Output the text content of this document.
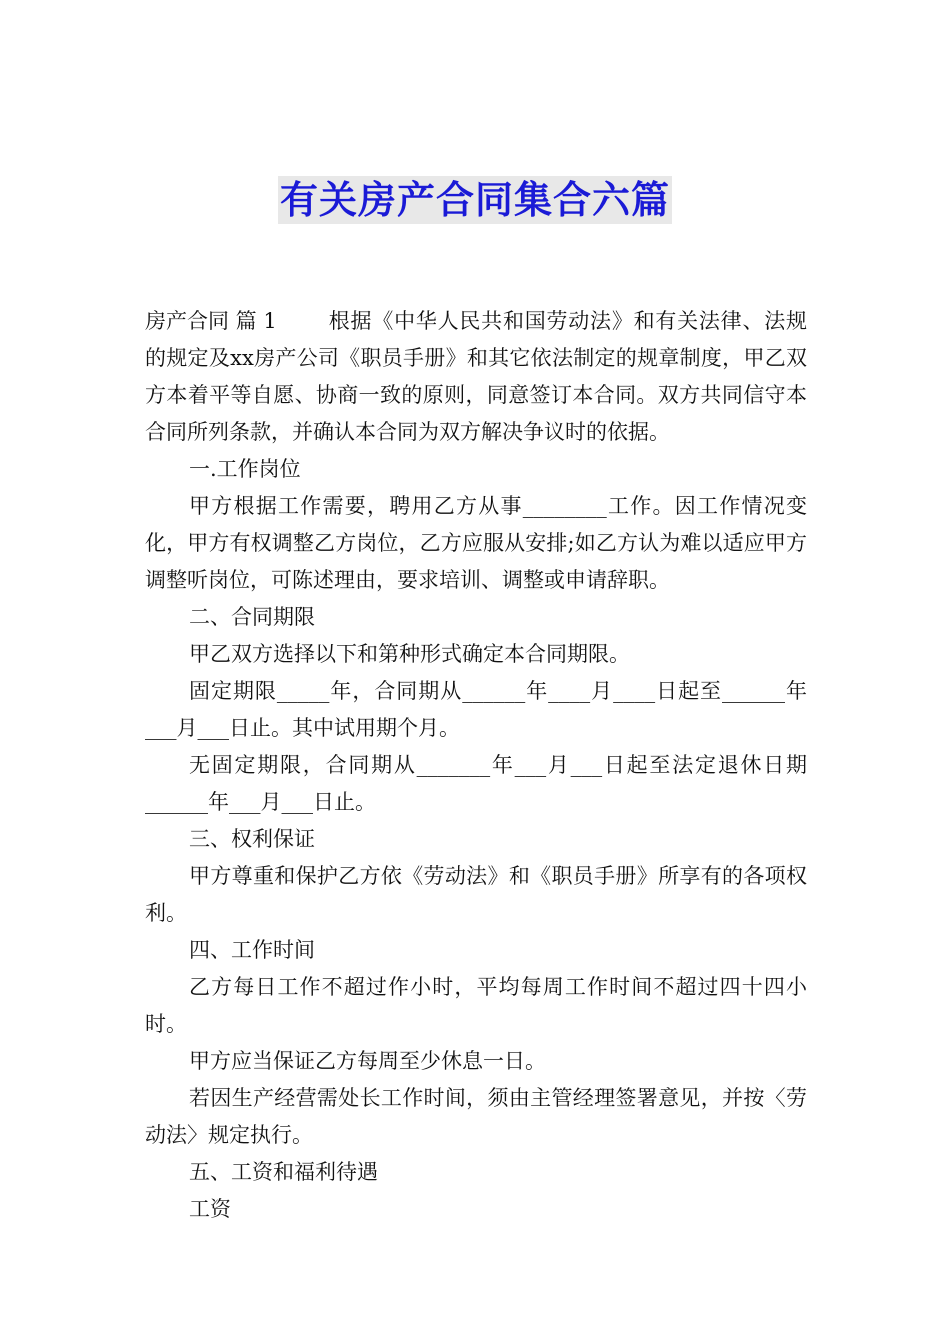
有关房产合同集合六篇

房产合同 篇 1 根据《中华人民共和国劳动法》和有关法律、法规的规定及xx房产公司《职员手册》和其它依法制定的规章制度，甲乙双方本着平等自愿、协商一致的原则，同意签订本合同。双方共同信守本合同所列条款，并确认本合同为双方解决争议时的依据。

一.工作岗位

甲方根据工作需要，聘用乙方从事________工作。因工作情况变化，甲方有权调整乙方岗位，乙方应服从安排;如乙方认为难以适应甲方调整听岗位，可陈述理由，要求培训、调整或申请辞职。

二、合同期限

甲乙双方选择以下和第种形式确定本合同期限。

固定期限_____年，合同期从______年____月____日起至______年___月___日止。其中试用期个月。

无固定期限，合同期从_______年___月___日起至法定退休日期______年___月___日止。

三、权利保证

甲方尊重和保护乙方依《劳动法》和《职员手册》所享有的各项权利。

四、工作时间

乙方每日工作不超过作小时，平均每周工作时间不超过四十四小时。

甲方应当保证乙方每周至少休息一日。

若因生产经营需处长工作时间，须由主管经理签署意见，并按〈劳动法〉规定执行。

五、工资和福利待遇

工资
